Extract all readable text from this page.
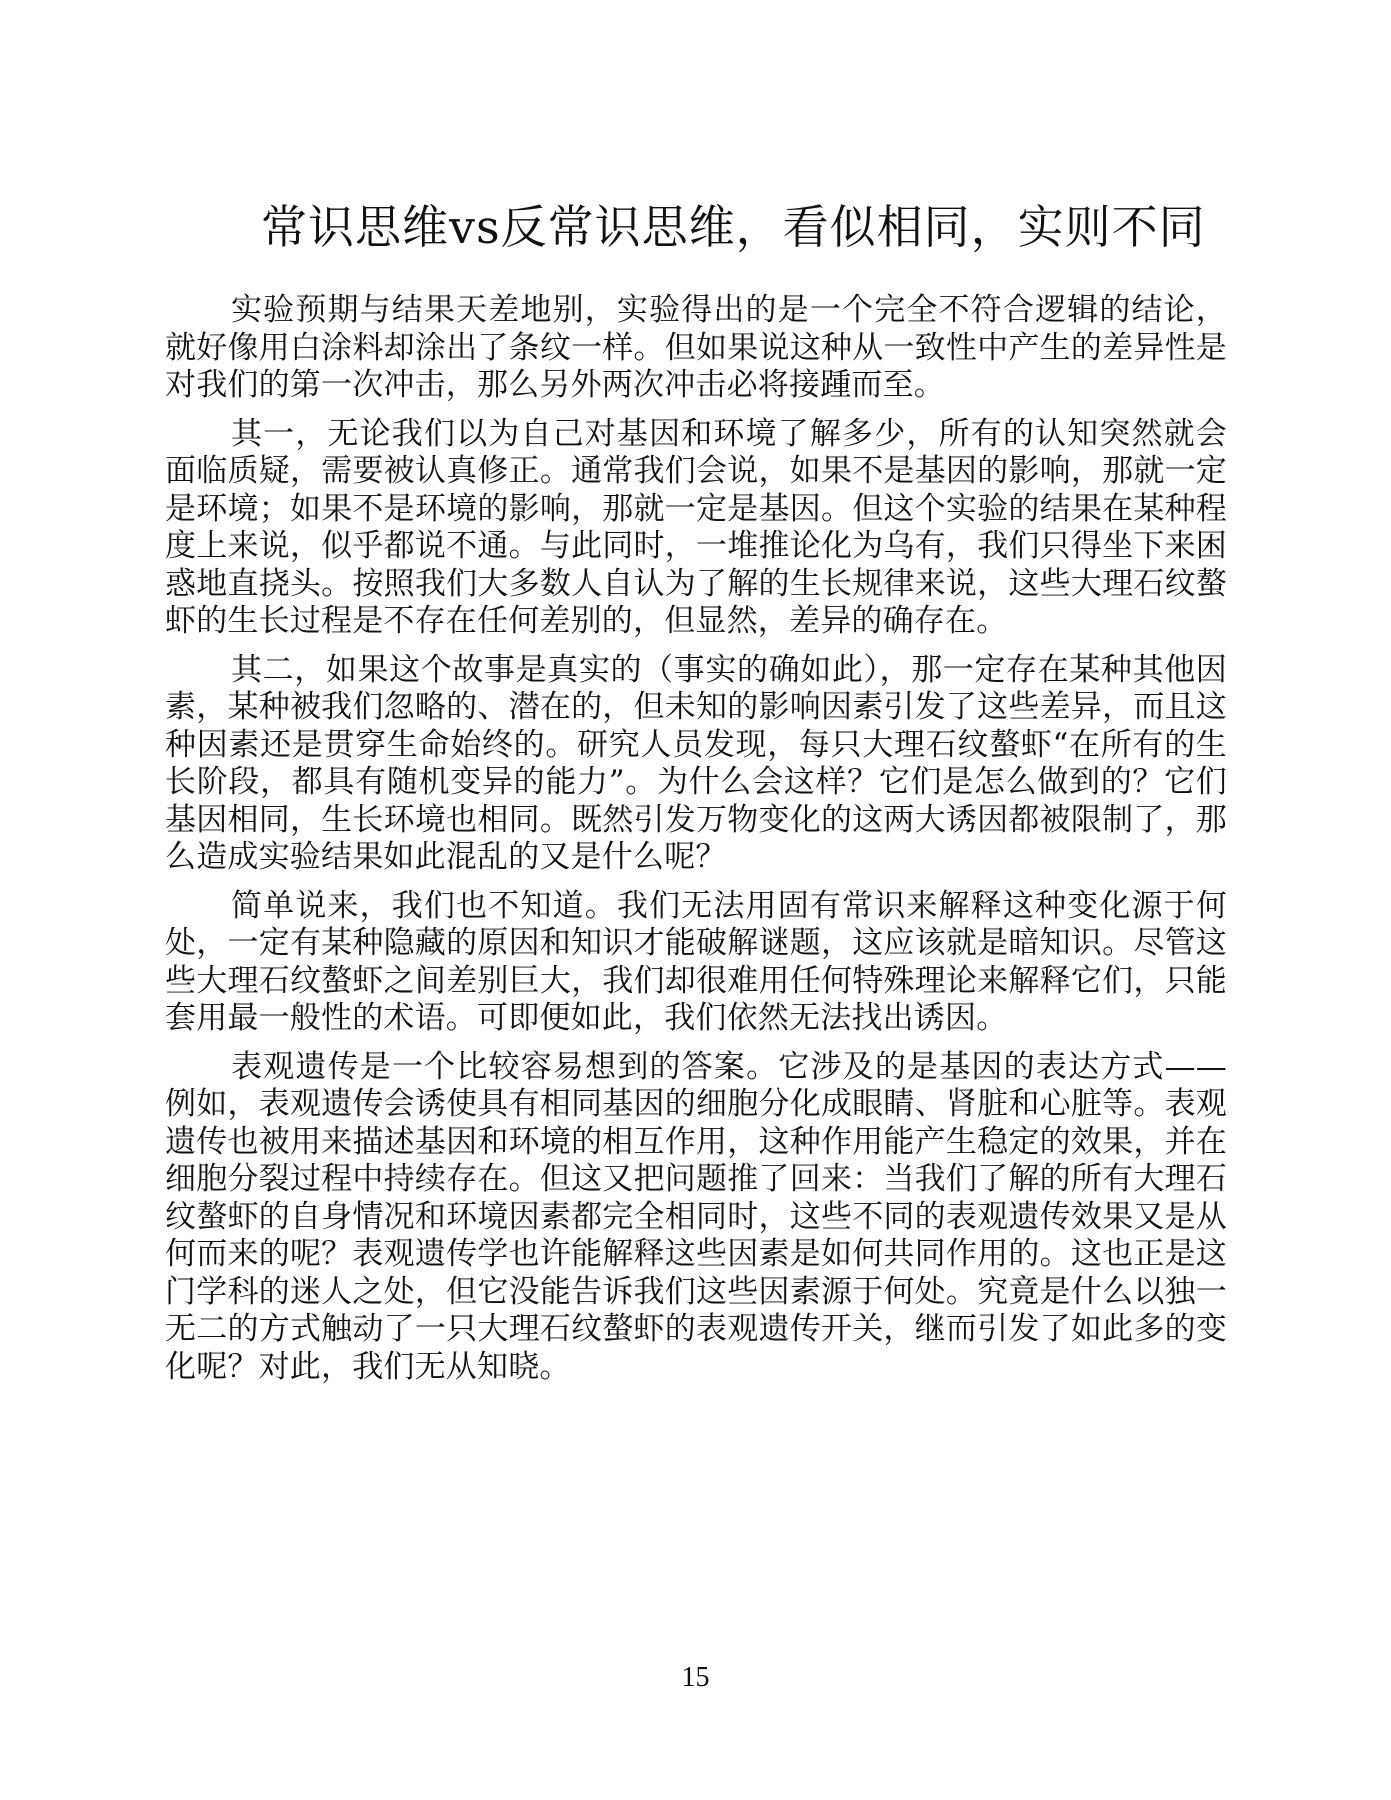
常识思维vs反常识思维，看似相同，实则不同

实验预期与结果天差地别，实验得出的是一个完全不符合逻辑的结论，就好像用白涂料却涂出了条纹一样。但如果说这种从一致性中产生的差异性是对我们的第一次冲击，那么另外两次冲击必将接踵而至。

其一，无论我们以为自己对基因和环境了解多少，所有的认知突然就会面临质疑，需要被认真修正。通常我们会说，如果不是基因的影响，那就一定是环境；如果不是环境的影响，那就一定是基因。但这个实验的结果在某种程度上来说，似乎都说不通。与此同时，一堆推论化为乌有，我们只得坐下来困惑地直挠头。按照我们大多数人自认为了解的生长规律来说，这些大理石纹螯虾的生长过程是不存在任何差别的，但显然，差异的确存在。

其二，如果这个故事是真实的（事实的确如此），那一定存在某种其他因素，某种被我们忽略的、潜在的，但未知的影响因素引发了这些差异，而且这种因素还是贯穿生命始终的。研究人员发现，每只大理石纹螯虾“在所有的生长阶段，都具有随机变异的能力”。为什么会这样？它们是怎么做到的？它们基因相同，生长环境也相同。既然引发万物变化的这两大诱因都被限制了，那么造成实验结果如此混乱的又是什么呢？

简单说来，我们也不知道。我们无法用固有常识来解释这种变化源于何处，一定有某种隐藏的原因和知识才能破解谜题，这应该就是暗知识。尽管这些大理石纹螯虾之间差别巨大，我们却很难用任何特殊理论来解释它们，只能套用最一般性的术语。可即便如此，我们依然无法找出诱因。

表观遗传是一个比较容易想到的答案。它涉及的是基因的表达方式——例如，表观遗传会诱使具有相同基因的细胞分化成眼睛、肾脏和心脏等。表观遗传也被用来描述基因和环境的相互作用，这种作用能产生稳定的效果，并在细胞分裂过程中持续存在。但这又把问题推了回来：当我们了解的所有大理石纹螯虾的自身情况和环境因素都完全相同时，这些不同的表观遗传效果又是从何而来的呢？表观遗传学也许能解释这些因素是如何共同作用的。这也正是这门学科的迷人之处，但它没能告诉我们这些因素源于何处。究竟是什么以独一无二的方式触动了一只大理石纹螯虾的表观遗传开关，继而引发了如此多的变化呢？对此，我们无从知晓。

15
